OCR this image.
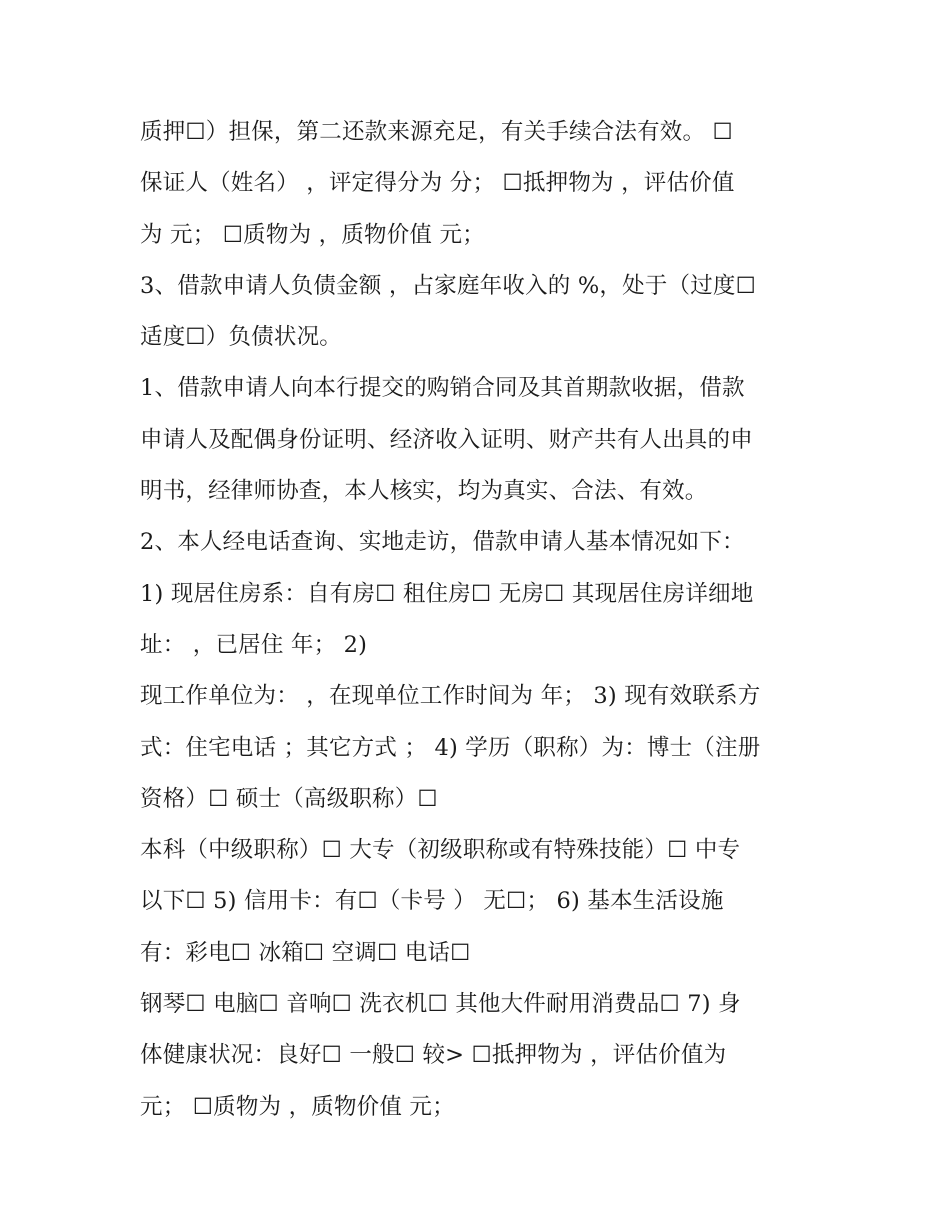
质押☐）担保，第二还款来源充足，有关手续合法有效。 ☐
保证人（姓名） ，评定得分为 分； ☐抵押物为 ，评估价值
为 元； ☐质物为 ，质物价值 元；
3、借款申请人负债金额 ，占家庭年收入的 %，处于（过度☐
适度☐）负债状况。
1、借款申请人向本行提交的购销合同及其首期款收据，借款
申请人及配偶身份证明、经济收入证明、财产共有人出具的申
明书，经律师协查，本人核实，均为真实、合法、有效。
2、本人经电话查询、实地走访，借款申请人基本情况如下：
1) 现居住房系：自有房☐ 租住房☐ 无房☐ 其现居住房详细地
址： ，已居住 年； 2)
现工作单位为： ，在现单位工作时间为 年； 3) 现有效联系方
式：住宅电话 ；其它方式 ； 4) 学历（职称）为：博士（注册
资格）☐ 硕士（高级职称）☐
本科（中级职称）☐ 大专（初级职称或有特殊技能）☐ 中专
以下☐ 5) 信用卡：有☐（卡号 ） 无☐； 6) 基本生活设施
有：彩电☐ 冰箱☐ 空调☐ 电话☐
钢琴☐ 电脑☐ 音响☐ 洗衣机☐ 其他大件耐用消费品☐ 7) 身
体健康状况：良好☐ 一般☐ 较> ☐抵押物为 ，评估价值为
元； ☐质物为 ，质物价值 元；
